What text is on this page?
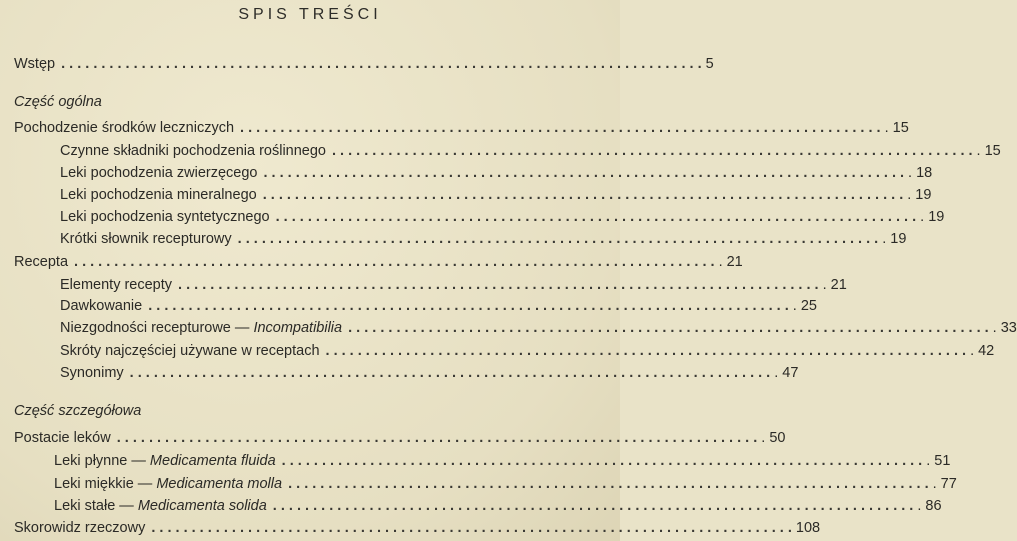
SPIS TREŚCI
Wstęp . . . . . . . . . . . . . . . . . . . . . . . . . . . . . . . . . . . . . . . . . . . . . . . . . . . . . . . . . . . . . . . . . . . . . . . . . . . . . . . . 5
Część ogólna
Pochodzenie środków leczniczych . . . . . . . . . . . . . . . . . . . . . . . . . . . . . . . . . . . . . . . . . . . . . . . . . . . . . . . . . . . . . . . . . . . . . . . . . . . . . . . . . 15
Czynne składniki pochodzenia roślinnego . . . . . . . . . . . . . . . . . . . . . . . . . . . . . . . . . . . . . . . . . . . . . . . . . . . . . . . . . . . . . . . . . . . . . . . . . . . . . . . . . 15
Leki pochodzenia zwierzęcego . . . . . . . . . . . . . . . . . . . . . . . . . . . . . . . . . . . . . . . . . . . . . . . . . . . . . . . . . . . . . . . . . . . . . . . . . . . . . . . . . 18
Leki pochodzenia mineralnego . . . . . . . . . . . . . . . . . . . . . . . . . . . . . . . . . . . . . . . . . . . . . . . . . . . . . . . . . . . . . . . . . . . . . . . . . . . . . . . . . 19
Leki pochodzenia syntetycznego . . . . . . . . . . . . . . . . . . . . . . . . . . . . . . . . . . . . . . . . . . . . . . . . . . . . . . . . . . . . . . . . . . . . . . . . . . . . . . . . . 19
Krótki słownik recepturowy . . . . . . . . . . . . . . . . . . . . . . . . . . . . . . . . . . . . . . . . . . . . . . . . . . . . . . . . . . . . . . . . . . . . . . . . . . . . . . . . . 19
Recepta . . . . . . . . . . . . . . . . . . . . . . . . . . . . . . . . . . . . . . . . . . . . . . . . . . . . . . . . . . . . . . . . . . . . . . . . . . . . . . . . . 21
Elementy recepty . . . . . . . . . . . . . . . . . . . . . . . . . . . . . . . . . . . . . . . . . . . . . . . . . . . . . . . . . . . . . . . . . . . . . . . . . . . . . . . . . 21
Dawkowanie . . . . . . . . . . . . . . . . . . . . . . . . . . . . . . . . . . . . . . . . . . . . . . . . . . . . . . . . . . . . . . . . . . . . . . . . . . . . . . . . . 25
Niezgodności recepturowe — Incompatibilia . . . . . . . . . . . . . . . . . . . . . . . . . . . . . . . . . . . . . . . . . . . . . . . . . . . . . . . . . . . . . . . . . . . . . . . . . . . . . . . . . 33
Skróty najczęściej używane w receptach . . . . . . . . . . . . . . . . . . . . . . . . . . . . . . . . . . . . . . . . . . . . . . . . . . . . . . . . . . . . . . . . . . . . . . . . . . . . . . . . . 42
Synonimy . . . . . . . . . . . . . . . . . . . . . . . . . . . . . . . . . . . . . . . . . . . . . . . . . . . . . . . . . . . . . . . . . . . . . . . . . . . . . . . . . 47
Część szczegółowa
Postacie leków . . . . . . . . . . . . . . . . . . . . . . . . . . . . . . . . . . . . . . . . . . . . . . . . . . . . . . . . . . . . . . . . . . . . . . . . . . . . . . . . . 50
Leki płynne — Medicamenta fluida . . . . . . . . . . . . . . . . . . . . . . . . . . . . . . . . . . . . . . . . . . . . . . . . . . . . . . . . . . . . . . . . . . . . . . . . . . . . . . . . . 51
Leki miękkie — Medicamenta molla . . . . . . . . . . . . . . . . . . . . . . . . . . . . . . . . . . . . . . . . . . . . . . . . . . . . . . . . . . . . . . . . . . . . . . . . . . . . . . . . . 77
Leki stałe — Medicamenta solida . . . . . . . . . . . . . . . . . . . . . . . . . . . . . . . . . . . . . . . . . . . . . . . . . . . . . . . . . . . . . . . . . . . . . . . . . . . . . . . . . 86
Skorowidz rzeczowy . . . . . . . . . . . . . . . . . . . . . . . . . . . . . . . . . . . . . . . . . . . . . . . . . . . . . . . . . . . . . . . . . . . . . . . . . . . . . . . . 108
